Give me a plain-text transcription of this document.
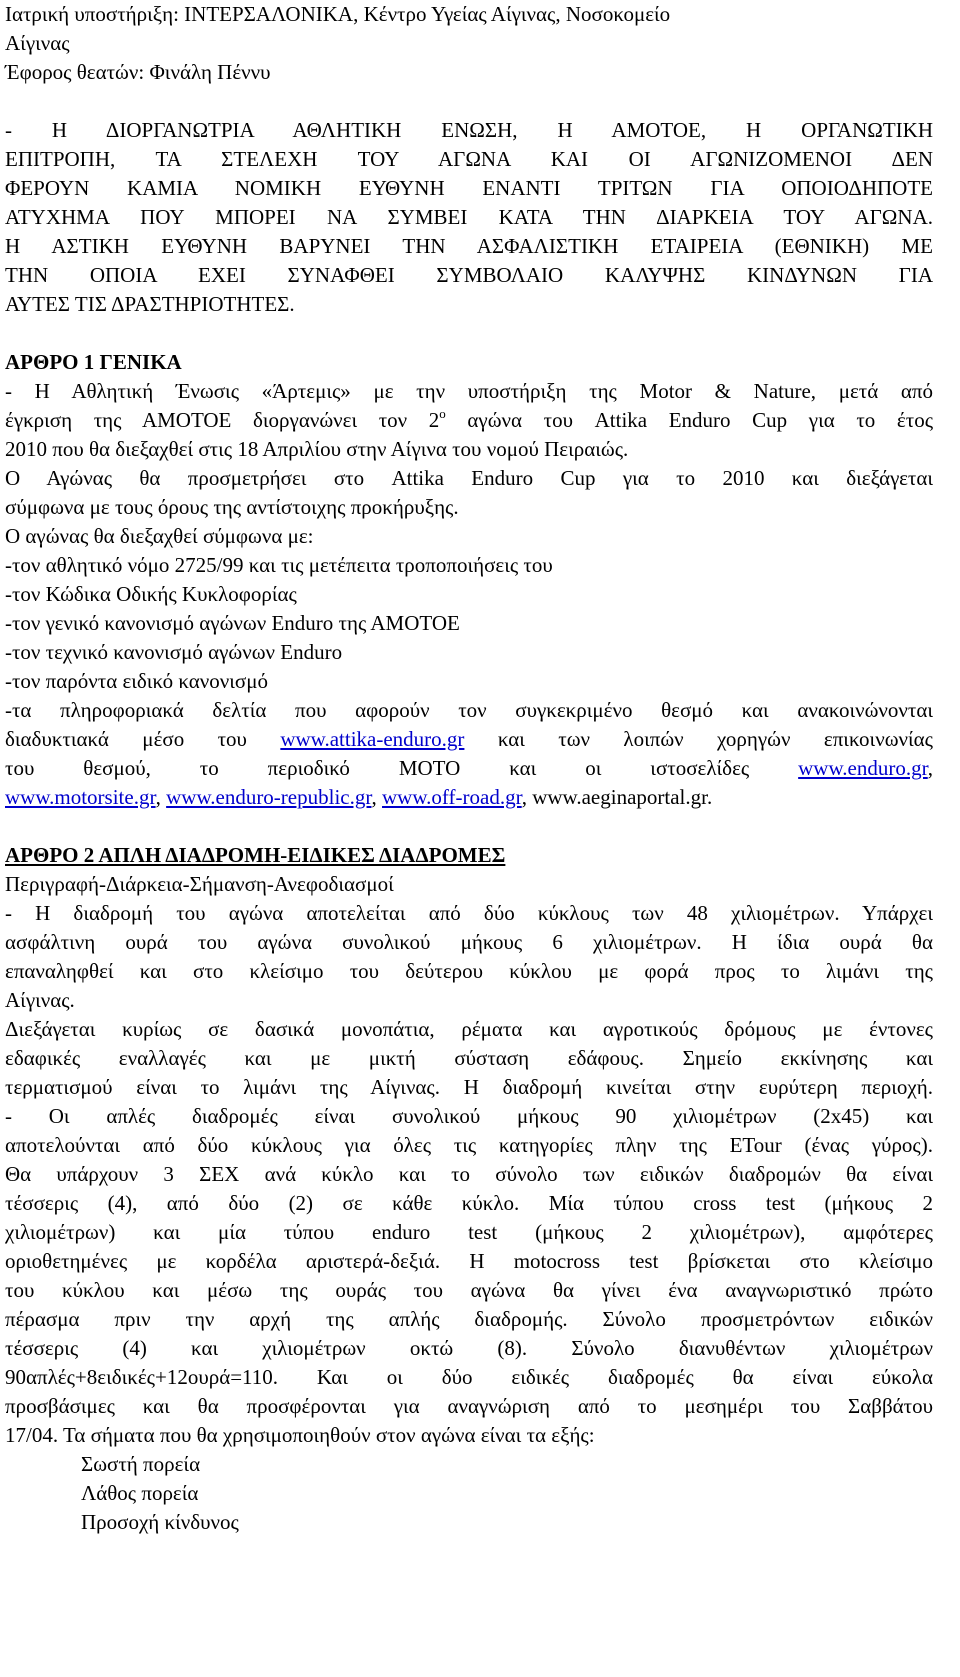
Ιατρική υποστήριξη: ΙΝΤΕΡΣΑΛΟΝΙΚΑ, Κέντρο Υγείας Αίγινας, Νοσοκομείο
Αίγινας
Έφορος θεατών: Φινάλη Πέννυ
- Η ΔΙΟΡΓΑΝΩΤΡΙΑ ΑΘΛΗΤΙΚΗ ΕΝΩΣΗ, Η ΑΜΟΤΟΕ, Η ΟΡΓΑΝΩΤΙΚΗ
ΕΠΙΤΡΟΠΗ, ΤΑ ΣΤΕΛΕΧΗ ΤΟΥ ΑΓΩΝΑ ΚΑΙ ΟΙ ΑΓΩΝΙΖΟΜΕΝΟΙ ΔΕΝ
ΦΕΡΟΥΝ ΚΑΜΙΑ ΝΟΜΙΚΗ ΕΥΘΥΝΗ ΕΝΑΝΤΙ ΤΡΙΤΩΝ ΓΙΑ ΟΠΟΙΟΔΗΠΟΤΕ
ΑΤΥΧΗΜΑ ΠΟΥ ΜΠΟΡΕΙ ΝΑ ΣΥΜΒΕΙ ΚΑΤΑ ΤΗΝ ΔΙΑΡΚΕΙΑ ΤΟΥ ΑΓΩΝΑ.
Η ΑΣΤΙΚΗ ΕΥΘΥΝΗ ΒΑΡΥΝΕΙ ΤΗΝ ΑΣΦΑΛΙΣΤΙΚΗ ΕΤΑΙΡΕΙΑ (ΕΘΝΙΚΗ) ΜΕ
ΤΗΝ ΟΠΟΙΑ ΕΧΕΙ ΣΥΝΑΦΘΕΙ ΣΥΜΒΟΛΑΙΟ ΚΑΛΥΨΗΣ ΚΙΝΔΥΝΩΝ ΓΙΑ
ΑΥΤΕΣ ΤΙΣ ΔΡΑΣΤΗΡΙΟΤΗΤΕΣ.
ΑΡΘΡΟ 1 ΓΕΝΙΚΑ
- Η Αθλητική Ένωσις «Άρτεμις» με την υποστήριξη της Motor & Nature, μετά από
έγκριση της ΑΜΟΤΟΕ διοργανώνει τον $2^o$ αγώνα του Attika Enduro Cup για το έτος
2010 που θα διεξαχθεί στις 18 Απριλίου στην Αίγινα του νομού Πειραιώς.
Ο Αγώνας θα προσμετρήσει στο Attika Enduro Cup για το 2010 και διεξάγεται
σύμφωνα με τους όρους της αντίστοιχης προκήρυξης.
Ο αγώνας θα διεξαχθεί σύμφωνα με:
-τον αθλητικό νόμο 2725/99 και τις μετέπειτα τροποποιήσεις του
-τον Κώδικα Οδικής Κυκλοφορίας
-τον γενικό κανονισμό αγώνων Enduro της ΑΜΟΤΟΕ
-τον τεχνικό κανονισμό αγώνων Enduro
-τον παρόντα ειδικό κανονισμό
-τα πληροφοριακά δελτία που αφορούν τον συγκεκριμένο θεσμό και ανακοινώνονται
διαδυκτιακά μέσο του www.attika-enduro.gr και των λοιπών χορηγών επικοινωνίας
του θεσμού, το περιοδικό ΜΟΤΟ και οι ιστοσελίδες www.enduro.gr,
www.motorsite.gr, www.enduro-republic.gr, www.off-road.gr, www.aeginaportal.gr.
ΑΡΘΡΟ 2 ΑΠΛΗ ΔΙΑΔΡΟΜΗ-ΕΙΔΙΚΕΣ ΔΙΑΔΡΟΜΕΣ
Περιγραφή-Διάρκεια-Σήμανση-Ανεφοδιασμοί
- Η διαδρομή του αγώνα αποτελείται από δύο κύκλους των 48 χιλιομέτρων. Υπάρχει
ασφάλτινη ουρά του αγώνα συνολικού μήκους 6 χιλιομέτρων. Η ίδια ουρά θα
επαναληφθεί και στο κλείσιμο του δεύτερου κύκλου με φορά προς το λιμάνι της
Αίγινας.
Διεξάγεται κυρίως σε δασικά μονοπάτια, ρέματα και αγροτικούς δρόμους με έντονες
εδαφικές εναλλαγές και με μικτή σύσταση εδάφους. Σημείο εκκίνησης και
τερματισμού είναι το λιμάνι της Αίγινας. Η διαδρομή κινείται στην ευρύτερη περιοχή.
- Οι απλές διαδρομές είναι συνολικού μήκους 90 χιλιομέτρων (2x45) και
αποτελούνται από δύο κύκλους για όλες τις κατηγορίες πλην της ETour (ένας γύρος).
Θα υπάρχουν 3 ΣΕΧ ανά κύκλο και το σύνολο των ειδικών διαδρομών θα είναι
τέσσερις (4), από δύο (2) σε κάθε κύκλο. Μία τύπου cross test (μήκους 2
χιλιομέτρων) και μία τύπου enduro test (μήκους 2 χιλιομέτρων), αμφότερες
οριοθετημένες με κορδέλα αριστερά-δεξιά. Η motocross test βρίσκεται στο κλείσιμο
του κύκλου και μέσω της ουράς του αγώνα θα γίνει ένα αναγνωριστικό πρώτο
πέρασμα πριν την αρχή της απλής διαδρομής. Σύνολο προσμετρόντων ειδικών
τέσσερις (4) και χιλιομέτρων οκτώ (8). Σύνολο διανυθέντων χιλιομέτρων
90απλές+8ειδικές+12ουρά=110. Και οι δύο ειδικές διαδρομές θα είναι εύκολα
προσβάσιμες και θα προσφέρονται για αναγνώριση από το μεσημέρι του Σαββάτου
17/04. Τα σήματα που θα χρησιμοποιηθούν στον αγώνα είναι τα εξής:
Σωστή πορεία
Λάθος πορεία
Προσοχή κίνδυνος
